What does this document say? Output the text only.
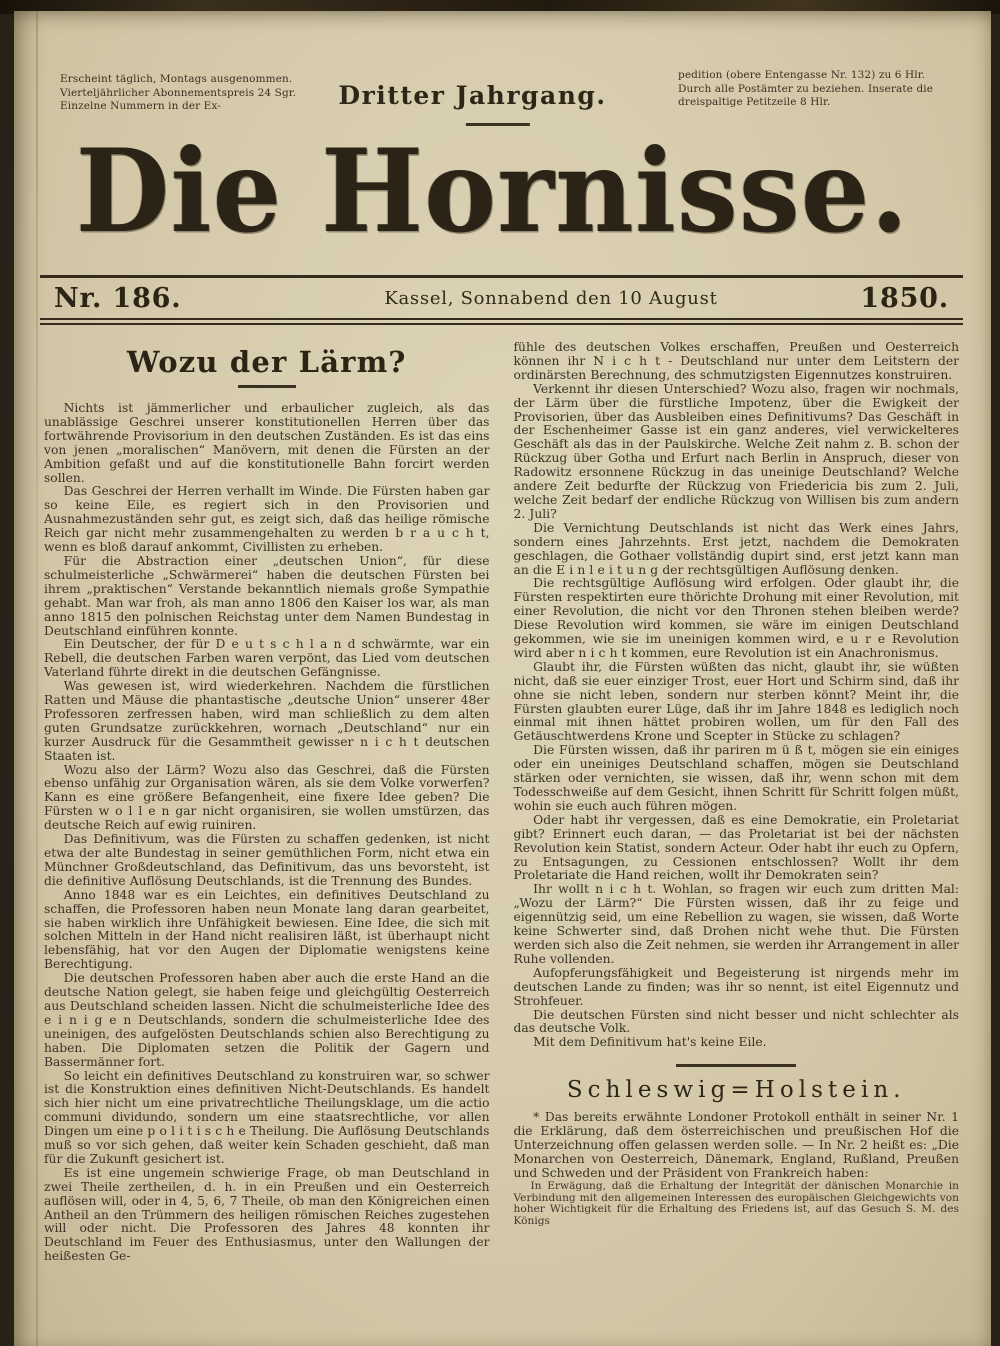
Erscheint täglich, Montags ausgenommen. Vierteljährlicher Abonnementspreis 24 Sgr. Einzelne Nummern in der Ex-	Dritter Jahrgang.
pedition (obere Entengasse Nr. 132) zu 6 Hlr. Durch alle Postämter zu beziehen. Inserate die dreispaltige Petitzeile 8 Hlr.
Die Hornisse.
Nr. 186.	Kassel, Sonnabend den 10 August	1850.
Wozu der Lärm?

Nichts ist jämmerlicher und erbaulicher zugleich, als das unablässige Geschrei unserer konstitutionellen Herren über das fortwährende Provisorium in den deutschen Zuständen. Es ist das eins von jenen „moralischen“ Manövern, mit denen die Fürsten an der Ambition gefaßt und auf die konstitutionelle Bahn forcirt werden sollen.

Das Geschrei der Herren verhallt im Winde. Die Fürsten haben gar so keine Eile, es regiert sich in den Provisorien und Ausnahmezuständen sehr gut, es zeigt sich, daß das heilige römische Reich gar nicht mehr zusammengehalten zu werden b r a u c h t, wenn es bloß darauf ankommt, Civillisten zu erheben.

Für die Abstraction einer „deutschen Union“, für diese schulmeisterliche „Schwärmerei“ haben die deutschen Fürsten bei ihrem „praktischen“ Verstande bekanntlich niemals große Sympathie gehabt. Man war froh, als man anno 1806 den Kaiser los war, als man anno 1815 den polnischen Reichstag unter dem Namen Bundestag in Deutschland einführen konnte.

Ein Deutscher, der für D e u t s c h l a n d schwärmte, war ein Rebell, die deutschen Farben waren verpönt, das Lied vom deutschen Vaterland führte direkt in die deutschen Gefängnisse.

Was gewesen ist, wird wiederkehren. Nachdem die fürstlichen Ratten und Mäuse die phantastische „deutsche Union“ unserer 48er Professoren zerfressen haben, wird man schließlich zu dem alten guten Grundsatze zurückkehren, wornach „Deutschland“ nur ein kurzer Ausdruck für die Gesammtheit gewisser n i c h t deutschen Staaten ist.

Wozu also der Lärm? Wozu also das Geschrei, daß die Fürsten ebenso unfähig zur Organisation wären, als sie dem Volke vorwerfen? Kann es eine größere Befangenheit, eine fixere Idee geben? Die Fürsten w o l l e n gar nicht organisiren, sie wollen umstürzen, das deutsche Reich auf ewig ruiniren.

Das Definitivum, was die Fürsten zu schaffen gedenken, ist nicht etwa der alte Bundestag in seiner gemüthlichen Form, nicht etwa ein Münchner Großdeutschland, das Definitivum, das uns bevorsteht, ist die definitive Auflösung Deutschlands, ist die Trennung des Bundes.

Anno 1848 war es ein Leichtes, ein definitives Deutschland zu schaffen, die Professoren haben neun Monate lang daran gearbeitet, sie haben wirklich ihre Unfähigkeit bewiesen. Eine Idee, die sich mit solchen Mitteln in der Hand nicht realisiren läßt, ist überhaupt nicht lebensfähig, hat vor den Augen der Diplomatie wenigstens keine Berechtigung.

Die deutschen Professoren haben aber auch die erste Hand an die deutsche Nation gelegt, sie haben feige und gleichgültig Oesterreich aus Deutschland scheiden lassen. Nicht die schulmeisterliche Idee des e i n i g e n Deutschlands, sondern die schulmeisterliche Idee des uneinigen, des aufgelösten Deutschlands schien also Berechtigung zu haben. Die Diplomaten setzen die Politik der Gagern und Bassermänner fort.

So leicht ein definitives Deutschland zu konstruiren war, so schwer ist die Konstruktion eines definitiven Nicht-Deutschlands. Es handelt sich hier nicht um eine privatrechtliche Theilungsklage, um die actio communi dividundo, sondern um eine staatsrechtliche, vor allen Dingen um eine p o l i t i s c h e Theilung. Die Auflösung Deutschlands muß so vor sich gehen, daß weiter kein Schaden geschieht, daß man für die Zukunft gesichert ist.

Es ist eine ungemein schwierige Frage, ob man Deutschland in zwei Theile zertheilen, d. h. in ein Preußen und ein Oesterreich auflösen will, oder in 4, 5, 6, 7 Theile, ob man den Königreichen einen Antheil an den Trümmern des heiligen römischen Reiches zugestehen will oder nicht. Die Professoren des Jahres 48 konnten ihr Deutschland im Feuer des Enthusiasmus, unter den Wallungen der heißesten Ge-

fühle des deutschen Volkes erschaffen, Preußen und Oesterreich können ihr N i c h t - Deutschland nur unter dem Leitstern der ordinärsten Berechnung, des schmutzigsten Eigennutzes konstruiren.

Verkennt ihr diesen Unterschied? Wozu also, fragen wir nochmals, der Lärm über die fürstliche Impotenz, über die Ewigkeit der Provisorien, über das Ausbleiben eines Definitivums? Das Geschäft in der Eschenheimer Gasse ist ein ganz anderes, viel verwickelteres Geschäft als das in der Paulskirche. Welche Zeit nahm z. B. schon der Rückzug über Gotha und Erfurt nach Berlin in Anspruch, dieser von Radowitz ersonnene Rückzug in das uneinige Deutschland? Welche andere Zeit bedurfte der Rückzug von Friedericia bis zum 2. Juli, welche Zeit bedarf der endliche Rückzug von Willisen bis zum andern 2. Juli?

Die Vernichtung Deutschlands ist nicht das Werk eines Jahrs, sondern eines Jahrzehnts. Erst jetzt, nachdem die Demokraten geschlagen, die Gothaer vollständig dupirt sind, erst jetzt kann man an die E i n l e i t u n g der rechtsgültigen Auflösung denken.

Die rechtsgültige Auflösung wird erfolgen. Oder glaubt ihr, die Fürsten respektirten eure thörichte Drohung mit einer Revolution, mit einer Revolution, die nicht vor den Thronen stehen bleiben werde? Diese Revolution wird kommen, sie wäre im einigen Deutschland gekommen, wie sie im uneinigen kommen wird, e u r e Revolution wird aber n i c h t kommen, eure Revolution ist ein Anachronismus.

Glaubt ihr, die Fürsten wüßten das nicht, glaubt ihr, sie wüßten nicht, daß sie euer einziger Trost, euer Hort und Schirm sind, daß ihr ohne sie nicht leben, sondern nur sterben könnt? Meint ihr, die Fürsten glaubten eurer Lüge, daß ihr im Jahre 1848 es lediglich noch einmal mit ihnen hättet probiren wollen, um für den Fall des Getäuschtwerdens Krone und Scepter in Stücke zu schlagen?

Die Fürsten wissen, daß ihr pariren m ü ß t, mögen sie ein einiges oder ein uneiniges Deutschland schaffen, mögen sie Deutschland stärken oder vernichten, sie wissen, daß ihr, wenn schon mit dem Todesschweiße auf dem Gesicht, ihnen Schritt für Schritt folgen müßt, wohin sie euch auch führen mögen.

Oder habt ihr vergessen, daß es eine Demokratie, ein Proletariat gibt? Erinnert euch daran, — das Proletariat ist bei der nächsten Revolution kein Statist, sondern Acteur. Oder habt ihr euch zu Opfern, zu Entsagungen, zu Cessionen entschlossen? Wollt ihr dem Proletariate die Hand reichen, wollt ihr Demokraten sein?

Ihr wollt n i c h t. Wohlan, so fragen wir euch zum dritten Mal: „Wozu der Lärm?“ Die Fürsten wissen, daß ihr zu feige und eigennützig seid, um eine Rebellion zu wagen, sie wissen, daß Worte keine Schwerter sind, daß Drohen nicht wehe thut. Die Fürsten werden sich also die Zeit nehmen, sie werden ihr Arrangement in aller Ruhe vollenden.

Aufopferungsfähigkeit und Begeisterung ist nirgends mehr im deutschen Lande zu finden; was ihr so nennt, ist eitel Eigennutz und Strohfeuer.

Die deutschen Fürsten sind nicht besser und nicht schlechter als das deutsche Volk.

Mit dem Definitivum hat's keine Eile.

Schleswig=Holstein.

* Das bereits erwähnte Londoner Protokoll enthält in seiner Nr. 1 die Erklärung, daß dem österreichischen und preußischen Hof die Unterzeichnung offen gelassen werden solle. — In Nr. 2 heißt es: „Die Monarchen von Oesterreich, Dänemark, England, Rußland, Preußen und Schweden und der Präsident von Frankreich haben:

In Erwägung, daß die Erhaltung der Integrität der dänischen Monarchie in Verbindung mit den allgemeinen Interessen des europäischen Gleichgewichts von hoher Wichtigkeit für die Erhaltung des Friedens ist, auf das Gesuch S. M. des Königs
